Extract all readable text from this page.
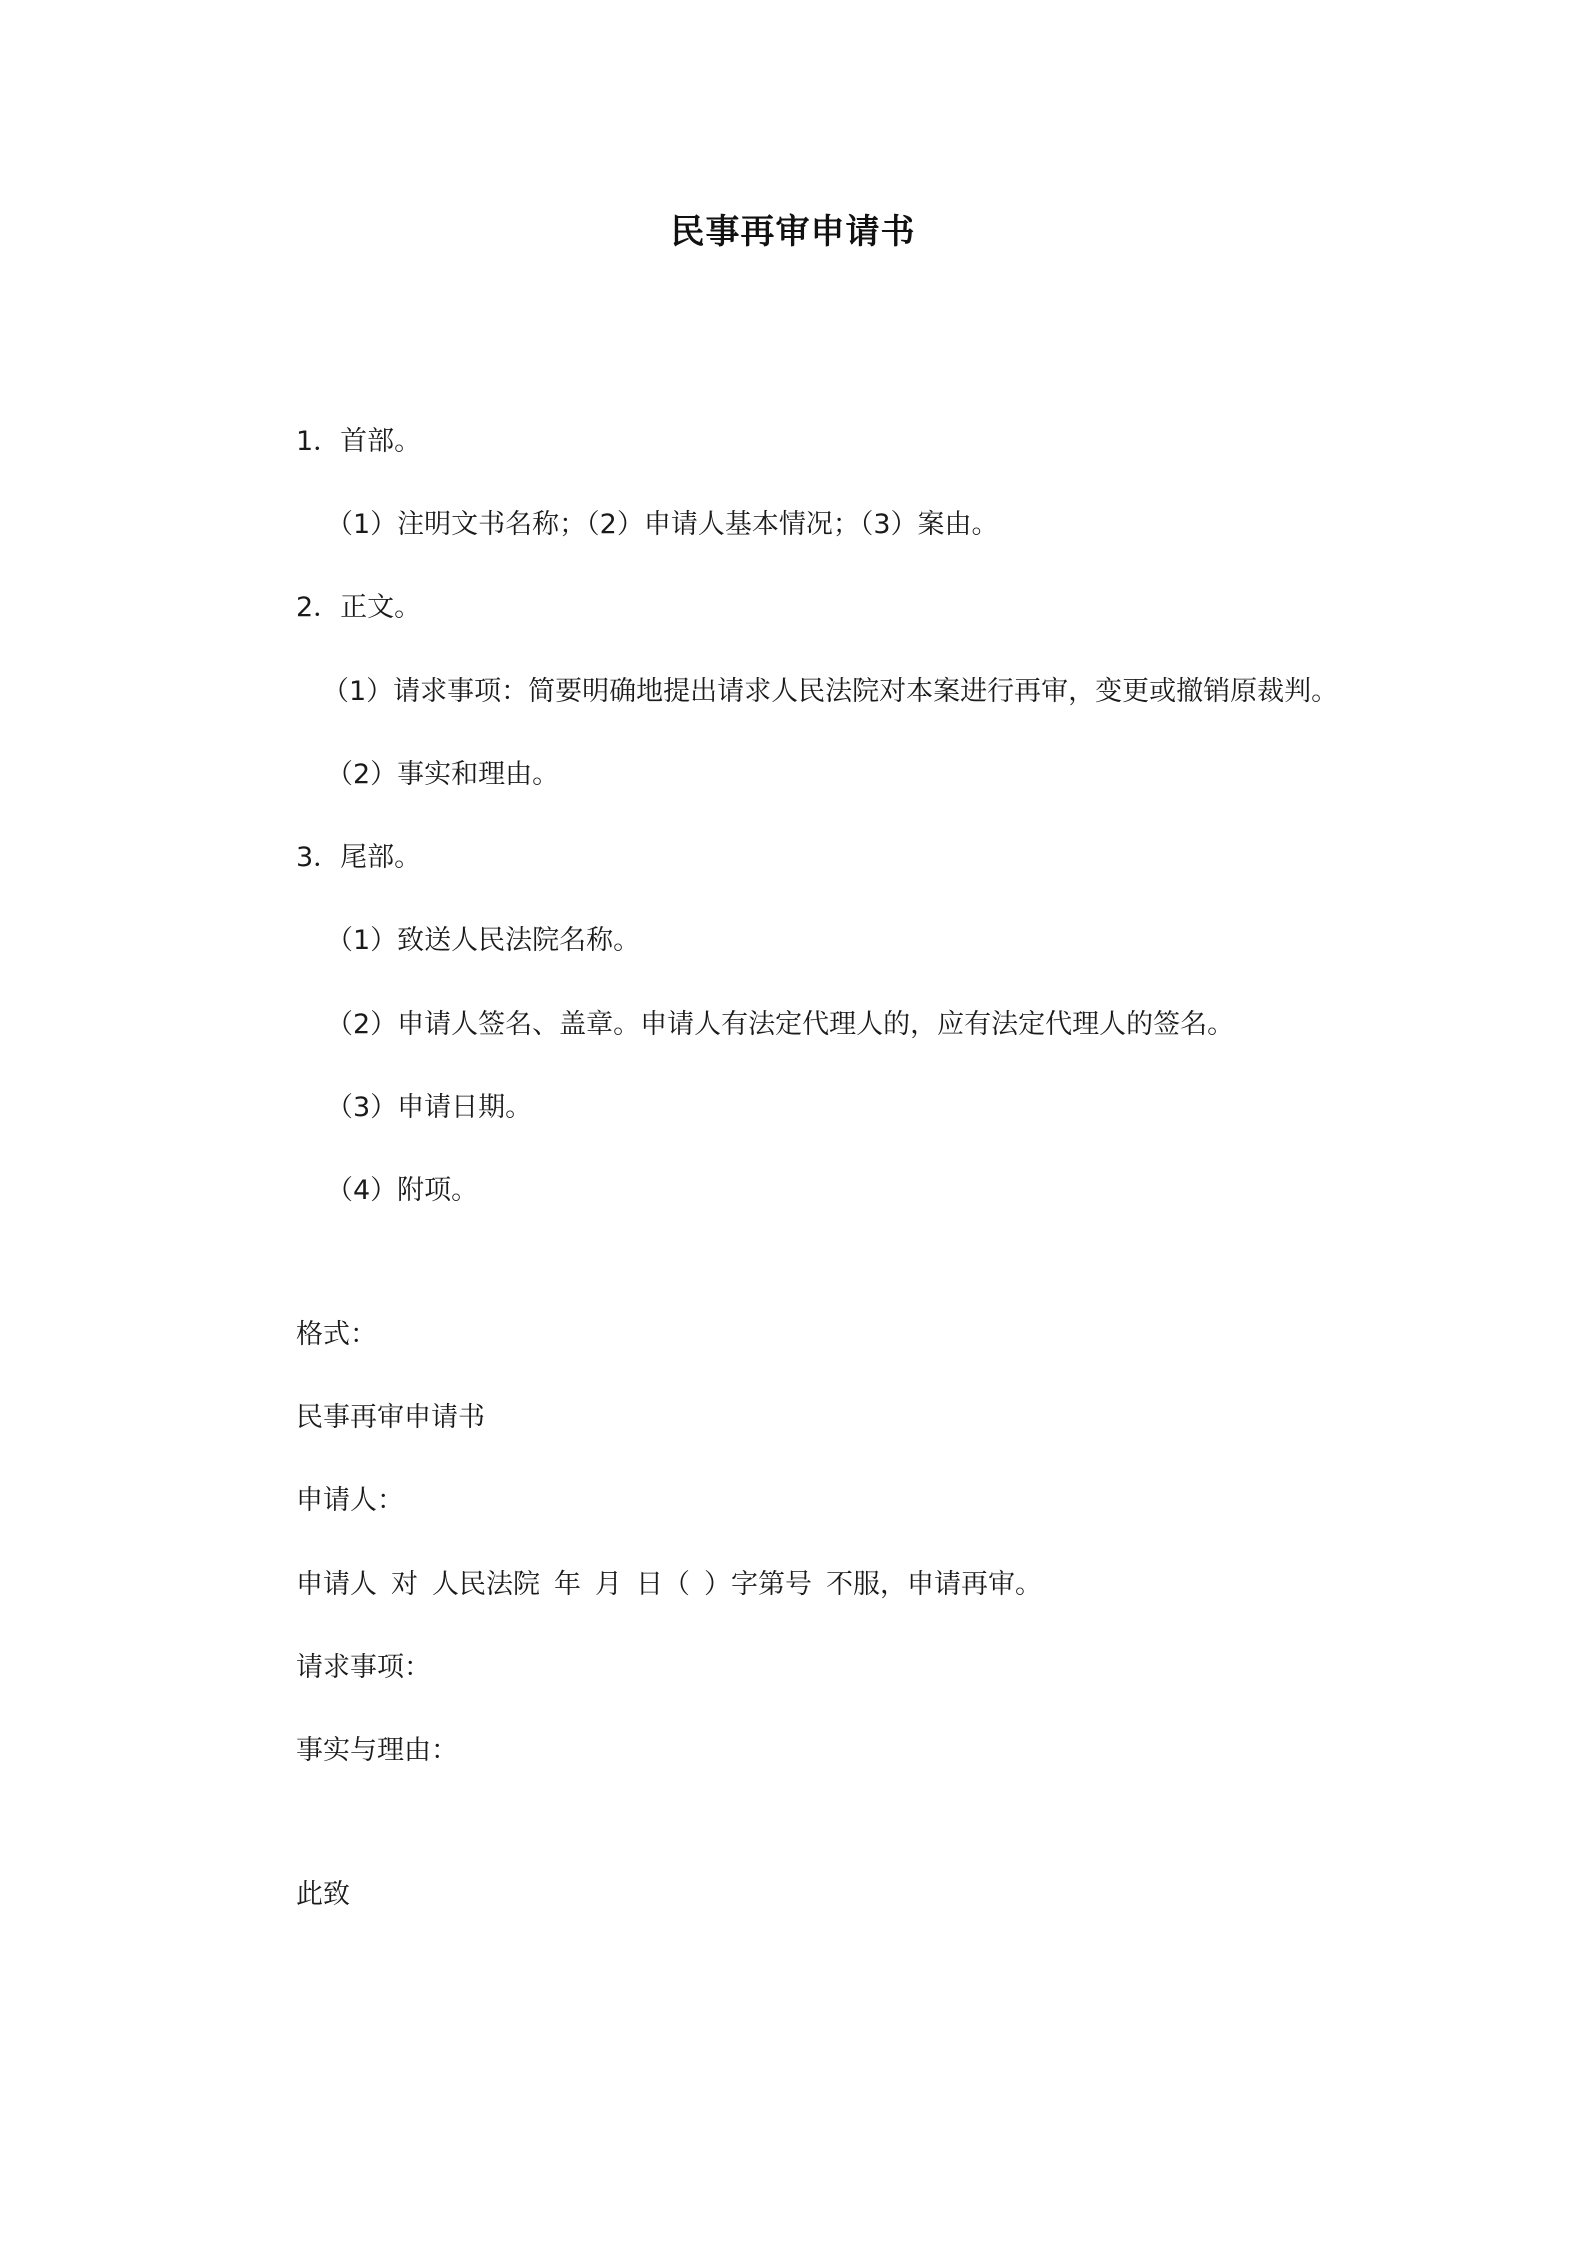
民事再审申请书
1．首部。
（1）注明文书名称；（2）申请人基本情况；（3）案由。
2．正文。
（1）请求事项：简要明确地提出请求人民法院对本案进行再审，变更或撤销原裁判。
（2）事实和理由。
3．尾部。
（1）致送人民法院名称。
（2）申请人签名、盖章。申请人有法定代理人的，应有法定代理人的签名。
（3）申请日期。
（4）附项。
格式：
民事再审申请书
申请人：
申请人 对 人民法院 年 月 日（ ）字第号 不服，申请再审。
请求事项：
事实与理由：
此致
